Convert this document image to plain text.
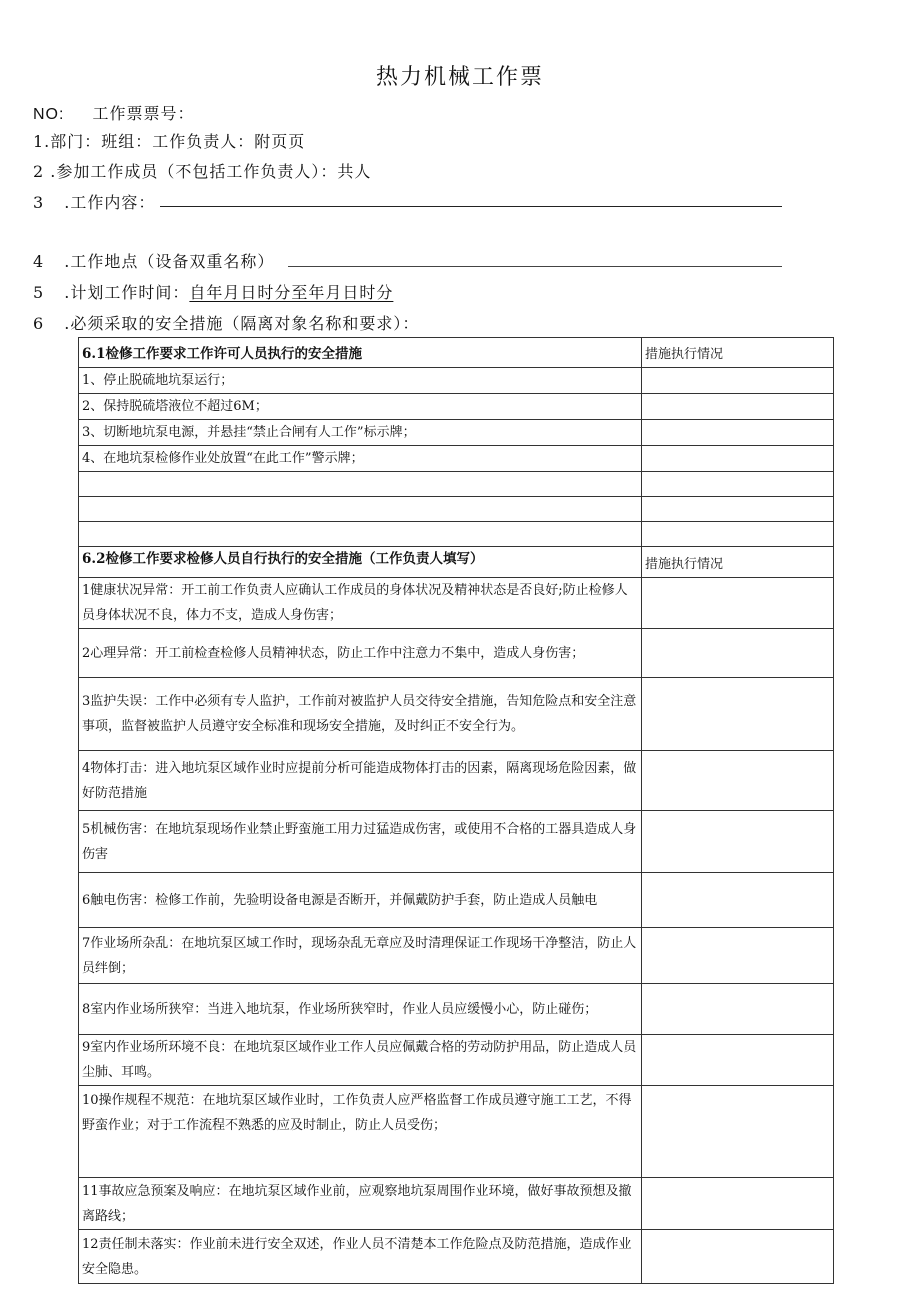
热力机械工作票
NO: 工作票票号：
1.部门：班组：工作负责人：附页页
2 .参加工作成员（不包括工作负责人）：共人
3 .工作内容：
4 .工作地点（设备双重名称）
5 .计划工作时间：自年月日时分至年月日时分
6 .必须采取的安全措施（隔离对象名称和要求）：
6.1检修工作要求工作许可人员执行的安全措施	措施执行情况
1、停止脱硫地坑泵运行；	
2、保持脱硫塔液位不超过6M；	
3、切断地坑泵电源，并悬挂“禁止合闸有人工作”标示牌；	
4、在地坑泵检修作业处放置“在此工作”警示牌；	

6.2检修工作要求检修人员自行执行的安全措施（工作负责人填写）	措施执行情况
1健康状况异常：开工前工作负责人应确认工作成员的身体状况及精神状态是否良好;防止检修人员身体状况不良，体力不支，造成人身伤害；	
2心理异常：开工前检查检修人员精神状态，防止工作中注意力不集中，造成人身伤害；	
3监护失误：工作中必须有专人监护，工作前对被监护人员交待安全措施，告知危险点和安全注意事项，监督被监护人员遵守安全标准和现场安全措施，及时纠正不安全行为。	
4物体打击：进入地坑泵区域作业时应提前分析可能造成物体打击的因素，隔离现场危险因素，做好防范措施	
5机械伤害：在地坑泵现场作业禁止野蛮施工用力过猛造成伤害，或使用不合格的工器具造成人身伤害	
6触电伤害：检修工作前，先验明设备电源是否断开，并佩戴防护手套，防止造成人员触电	
7作业场所杂乱：在地坑泵区域工作时，现场杂乱无章应及时清理保证工作现场干净整洁，防止人员绊倒；	
8室内作业场所狭窄：当进入地坑泵，作业场所狭窄时，作业人员应缓慢小心，防止碰伤；	
9室内作业场所环境不良：在地坑泵区域作业工作人员应佩戴合格的劳动防护用品，防止造成人员尘肺、耳鸣。	
10操作规程不规范：在地坑泵区域作业时，工作负责人应严格监督工作成员遵守施工工艺，不得野蛮作业；对于工作流程不熟悉的应及时制止，防止人员受伤；	
11事故应急预案及响应：在地坑泵区域作业前，应观察地坑泵周围作业环境，做好事故预想及撤离路线；	
12责任制未落实：作业前未进行安全双述，作业人员不清楚本工作危险点及防范措施，造成作业安全隐患。	
